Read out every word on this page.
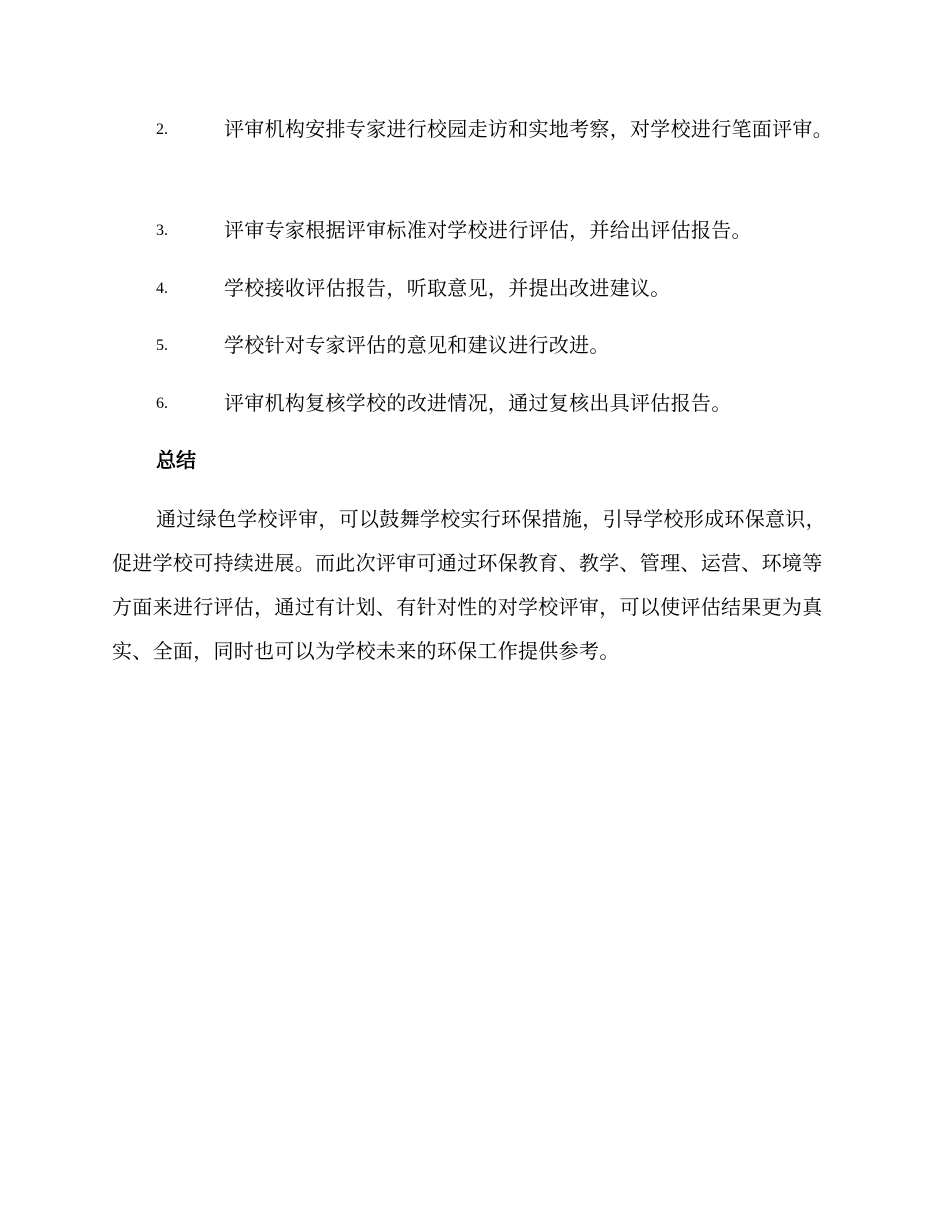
2.	评审机构安排专家进行校园走访和实地考察，对学校进行笔面评审。
3.	评审专家根据评审标准对学校进行评估，并给出评估报告。
4.	学校接收评估报告，听取意见，并提出改进建议。
5.	学校针对专家评估的意见和建议进行改进。
6.	评审机构复核学校的改进情况，通过复核出具评估报告。
总结

通过绿色学校评审，可以鼓舞学校实行环保措施，引导学校形成环保意识，促进学校可持续进展。而此次评审可通过环保教育、教学、管理、运营、环境等方面来进行评估，通过有计划、有针对性的对学校评审，可以使评估结果更为真实、全面，同时也可以为学校未来的环保工作提供参考。
